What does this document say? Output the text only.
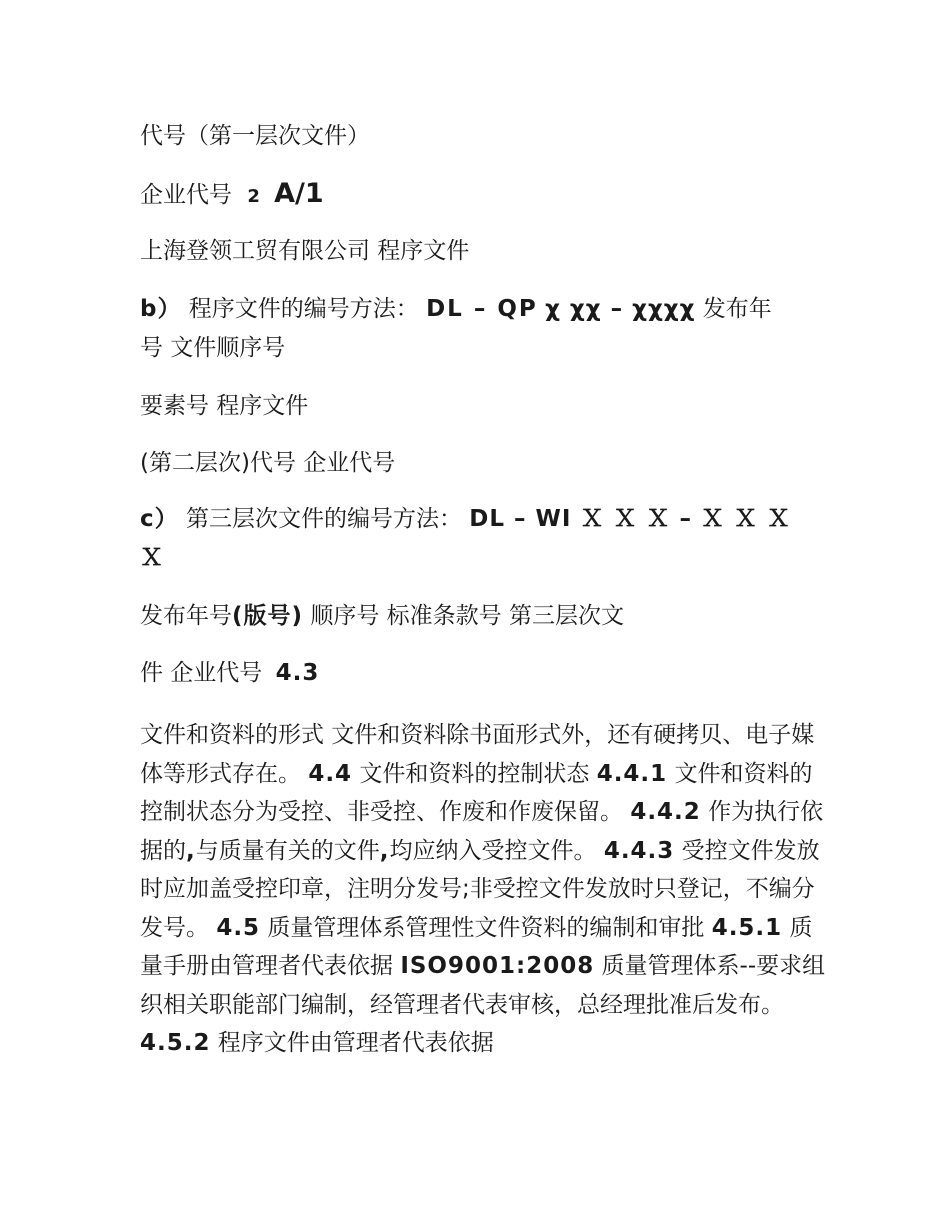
代号（第一层次文件）
企业代号 2 A/1
上海登领工贸有限公司 程序文件
b） 程序文件的编号方法： DL – QP χ χχ – χχχχ 发布年
号 文件顺序号
要素号 程序文件
(第二层次)代号 企业代号
c） 第三层次文件的编号方法： DL – WI Ｘ Ｘ Ｘ – Ｘ Ｘ Ｘ
Ｘ
发布年号(版号) 顺序号 标准条款号 第三层次文
件 企业代号 4.3

文件和资料的形式 文件和资料除书面形式外，还有硬拷贝、电子媒体等形式存在。 4.4 文件和资料的控制状态 4.4.1 文件和资料的控制状态分为受控、非受控、作废和作废保留。 4.4.2 作为执行依据的,与质量有关的文件,均应纳入受控文件。 4.4.3 受控文件发放时应加盖受控印章，注明分发号;非受控文件发放时只登记，不编分发号。 4.5 质量管理体系管理性文件资料的编制和审批 4.5.1 质量手册由管理者代表依据 ISO9001:2008 质量管理体系--要求组织相关职能部门编制，经管理者代表审核，总经理批准后发布。 4.5.2 程序文件由管理者代表依据
